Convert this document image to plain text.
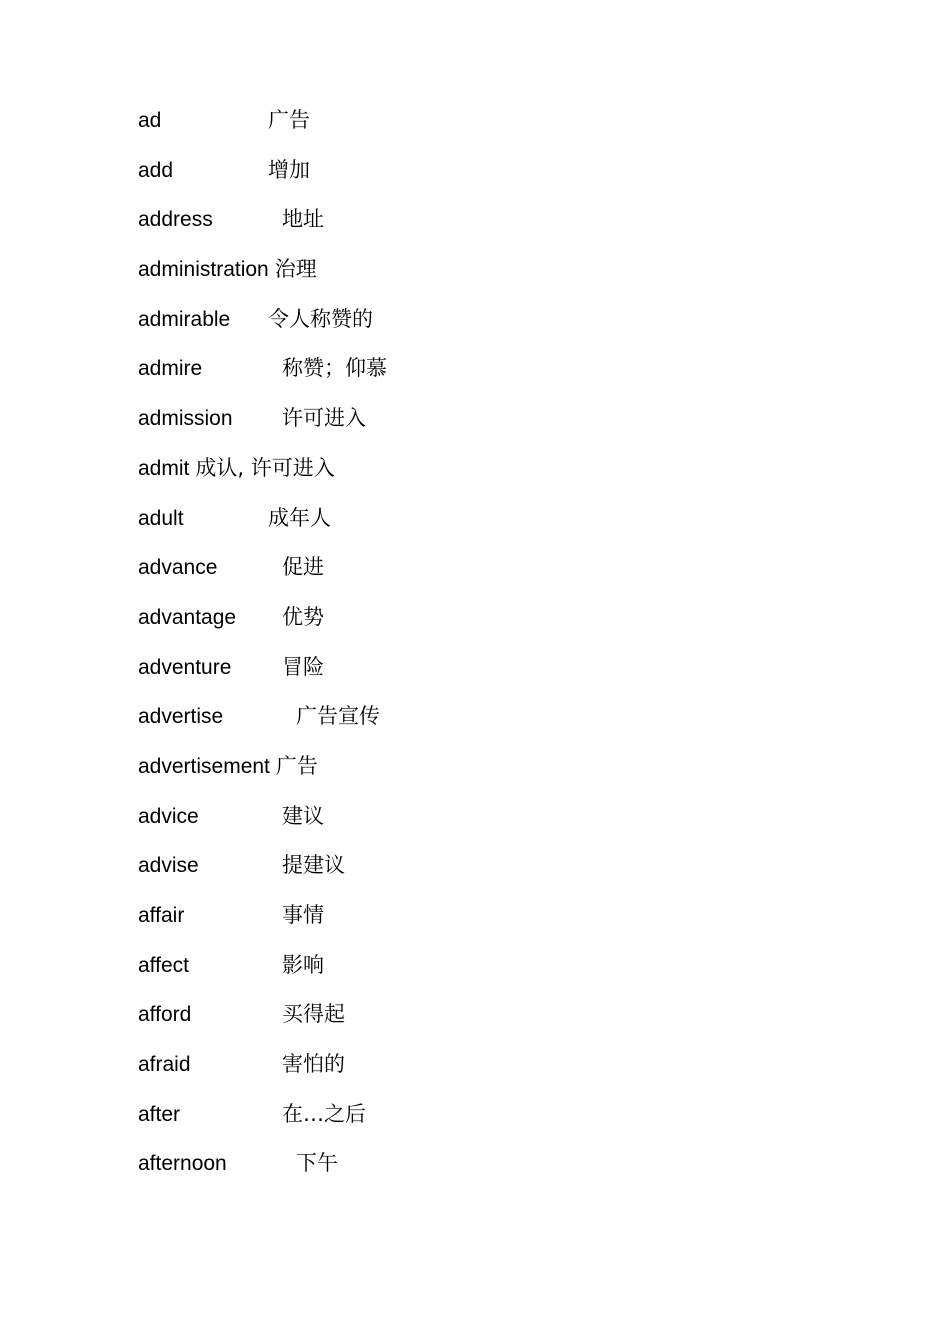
ad	广告
add	增加
address	地址
administration 治理
admirable 令人称赞的
admire	称赞；仰慕
admission 许可进入
admit 成认, 许可进入
adult	成年人
advance	促进
advantage 优势
adventure 冒险
advertise	广告宣传
advertisement 广告
advice	建议
advise	提建议
affair	事情
affect	影响
afford	买得起
afraid	害怕的
after	在…之后
afternoon	下午
